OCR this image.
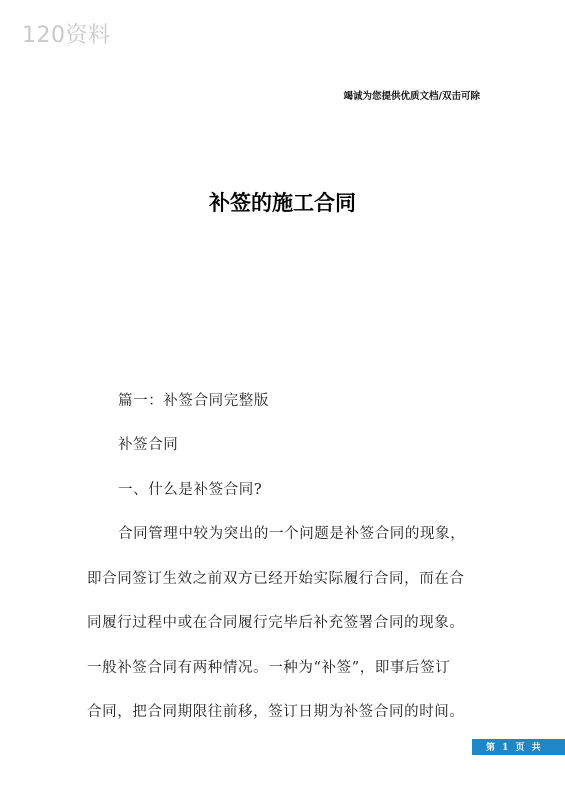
120资料
竭诚为您提供优质文档/双击可除
补签的施工合同
篇一：补签合同完整版
补签合同
一、什么是补签合同?
合同管理中较为突出的一个问题是补签合同的现象，
即合同签订生效之前双方已经开始实际履行合同，而在合
同履行过程中或在合同履行完毕后补充签署合同的现象。
一般补签合同有两种情况。一种为“补签”，即事后签订
合同，把合同期限往前移，签订日期为补签合同的时间。
第 1 页 共
